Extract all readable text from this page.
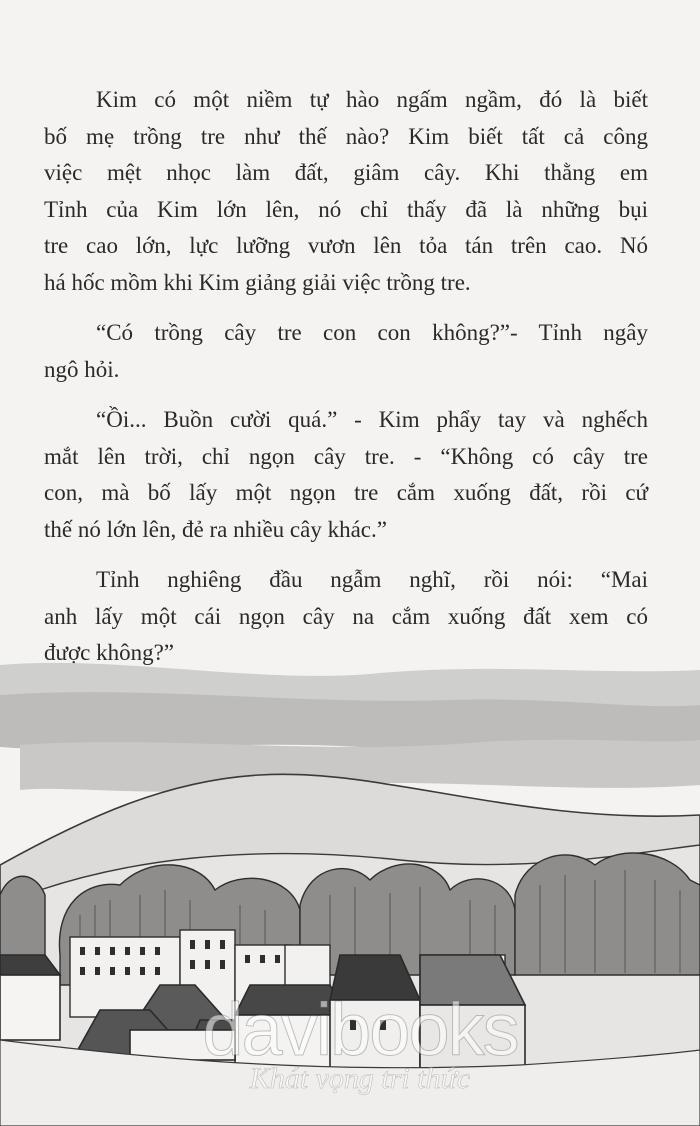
Kim có một niềm tự hào ngấm ngầm, đó là biết
bố mẹ trồng tre như thế nào? Kim biết tất cả công
việc mệt nhọc làm đất, giâm cây. Khi thằng em
Tỉnh của Kim lớn lên, nó chỉ thấy đã là những bụi
tre cao lớn, lực lưỡng vươn lên tỏa tán trên cao. Nó
há hốc mồm khi Kim giảng giải việc trồng tre.

“Có trồng cây tre con con không?”- Tỉnh ngây
ngô hỏi.

“Ồi... Buồn cười quá.” - Kim phẩy tay và nghếch
mắt lên trời, chỉ ngọn cây tre. - “Không có cây tre
con, mà bố lấy một ngọn tre cắm xuống đất, rồi cứ
thế nó lớn lên, đẻ ra nhiều cây khác.”

Tỉnh nghiêng đầu ngẫm nghĩ, rồi nói: “Mai
anh lấy một cái ngọn cây na cắm xuống đất xem có
được không?”

davibooks
Khát vọng tri thức
